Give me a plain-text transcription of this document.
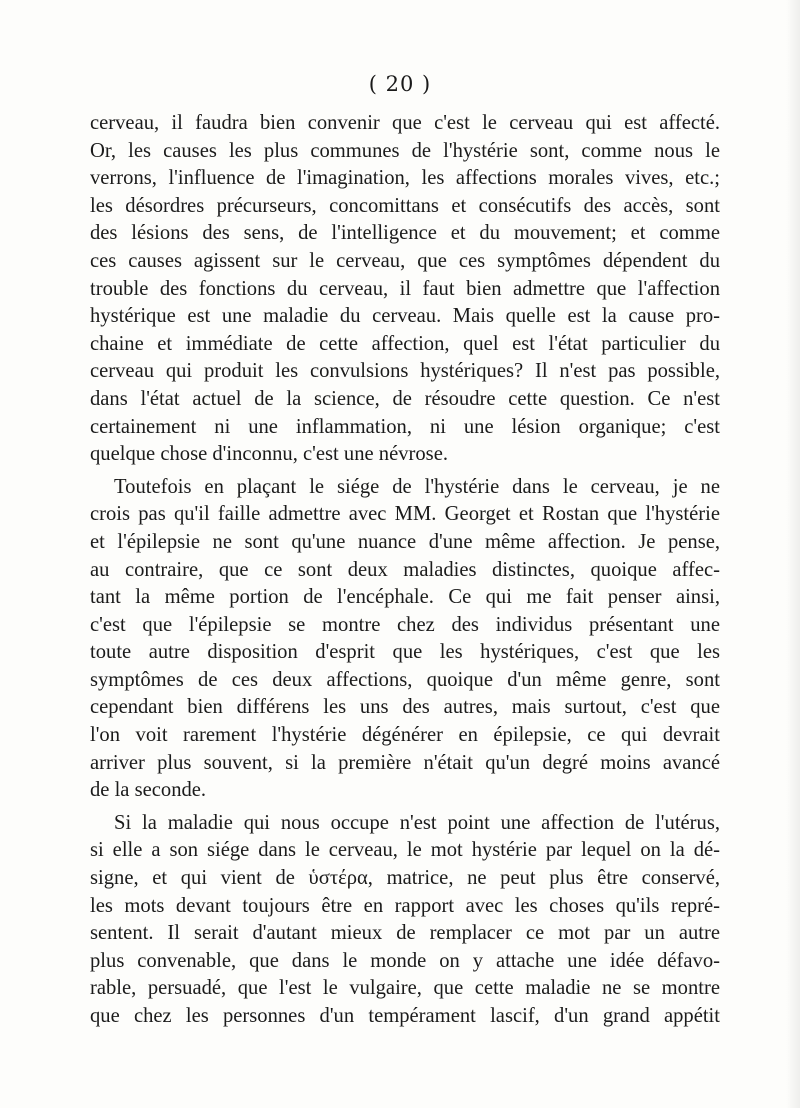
( 20 )
cerveau, il faudra bien convenir que c'est le cerveau qui est affecté.
Or, les causes les plus communes de l'hystérie sont, comme nous le
verrons, l'influence de l'imagination, les affections morales vives, etc.;
les désordres précurseurs, concomittans et consécutifs des accès, sont
des lésions des sens, de l'intelligence et du mouvement; et comme
ces causes agissent sur le cerveau, que ces symptômes dépendent du
trouble des fonctions du cerveau, il faut bien admettre que l'affection
hystérique est une maladie du cerveau. Mais quelle est la cause pro-
chaine et immédiate de cette affection, quel est l'état particulier du
cerveau qui produit les convulsions hystériques? Il n'est pas possible,
dans l'état actuel de la science, de résoudre cette question. Ce n'est
certainement ni une inflammation, ni une lésion organique; c'est
quelque chose d'inconnu, c'est une névrose.
Toutefois en plaçant le siége de l'hystérie dans le cerveau, je ne
crois pas qu'il faille admettre avec MM. Georget et Rostan que l'hystérie
et l'épilepsie ne sont qu'une nuance d'une même affection. Je pense,
au contraire, que ce sont deux maladies distinctes, quoique affec-
tant la même portion de l'encéphale. Ce qui me fait penser ainsi,
c'est que l'épilepsie se montre chez des individus présentant une
toute autre disposition d'esprit que les hystériques, c'est que les
symptômes de ces deux affections, quoique d'un même genre, sont
cependant bien différens les uns des autres, mais surtout, c'est que
l'on voit rarement l'hystérie dégénérer en épilepsie, ce qui devrait
arriver plus souvent, si la première n'était qu'un degré moins avancé
de la seconde.
Si la maladie qui nous occupe n'est point une affection de l'utérus,
si elle a son siége dans le cerveau, le mot hystérie par lequel on la dé-
signe, et qui vient de ὑστέρα, matrice, ne peut plus être conservé,
les mots devant toujours être en rapport avec les choses qu'ils repré-
sentent. Il serait d'autant mieux de remplacer ce mot par un autre
plus convenable, que dans le monde on y attache une idée défavo-
rable, persuadé, que l'est le vulgaire, que cette maladie ne se montre
que chez les personnes d'un tempérament lascif, d'un grand appétit
